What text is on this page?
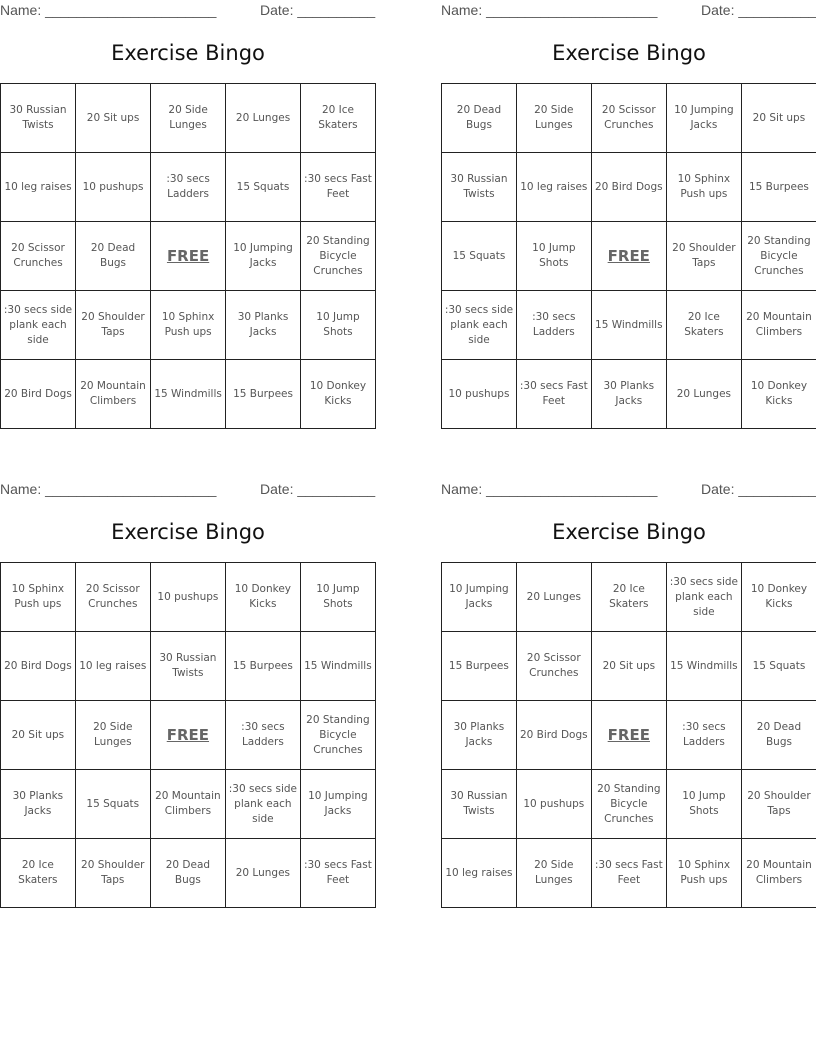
Name: ______________________	Date: __________
Exercise Bingo
30 Russian Twists	20 Sit ups	20 Side Lunges	20 Lunges	20 Ice Skaters
10 leg raises	10 pushups	:30 secs Ladders	15 Squats	:30 secs Fast Feet
20 Scissor Crunches	20 Dead Bugs	FREE	10 Jumping Jacks	20 Standing Bicycle Crunches
:30 secs side plank each side	20 Shoulder Taps	10 Sphinx Push ups	30 Planks Jacks	10 Jump Shots
20 Bird Dogs	20 Mountain Climbers	15 Windmills	15 Burpees	10 Donkey Kicks
Name: ______________________	Date: __________
Exercise Bingo
20 Dead Bugs	20 Side Lunges	20 Scissor Crunches	10 Jumping Jacks	20 Sit ups
30 Russian Twists	10 leg raises	20 Bird Dogs	10 Sphinx Push ups	15 Burpees
15 Squats	10 Jump Shots	FREE	20 Shoulder Taps	20 Standing Bicycle Crunches
:30 secs side plank each side	:30 secs Ladders	15 Windmills	20 Ice Skaters	20 Mountain Climbers
10 pushups	:30 secs Fast Feet	30 Planks Jacks	20 Lunges	10 Donkey Kicks
Name: ______________________	Date: __________
Exercise Bingo
10 Sphinx Push ups	20 Scissor Crunches	10 pushups	10 Donkey Kicks	10 Jump Shots
20 Bird Dogs	10 leg raises	30 Russian Twists	15 Burpees	15 Windmills
20 Sit ups	20 Side Lunges	FREE	:30 secs Ladders	20 Standing Bicycle Crunches
30 Planks Jacks	15 Squats	20 Mountain Climbers	:30 secs side plank each side	10 Jumping Jacks
20 Ice Skaters	20 Shoulder Taps	20 Dead Bugs	20 Lunges	:30 secs Fast Feet
Name: ______________________	Date: __________
Exercise Bingo
10 Jumping Jacks	20 Lunges	20 Ice Skaters	:30 secs side plank each side	10 Donkey Kicks
15 Burpees	20 Scissor Crunches	20 Sit ups	15 Windmills	15 Squats
30 Planks Jacks	20 Bird Dogs	FREE	:30 secs Ladders	20 Dead Bugs
30 Russian Twists	10 pushups	20 Standing Bicycle Crunches	10 Jump Shots	20 Shoulder Taps
10 leg raises	20 Side Lunges	:30 secs Fast Feet	10 Sphinx Push ups	20 Mountain Climbers
